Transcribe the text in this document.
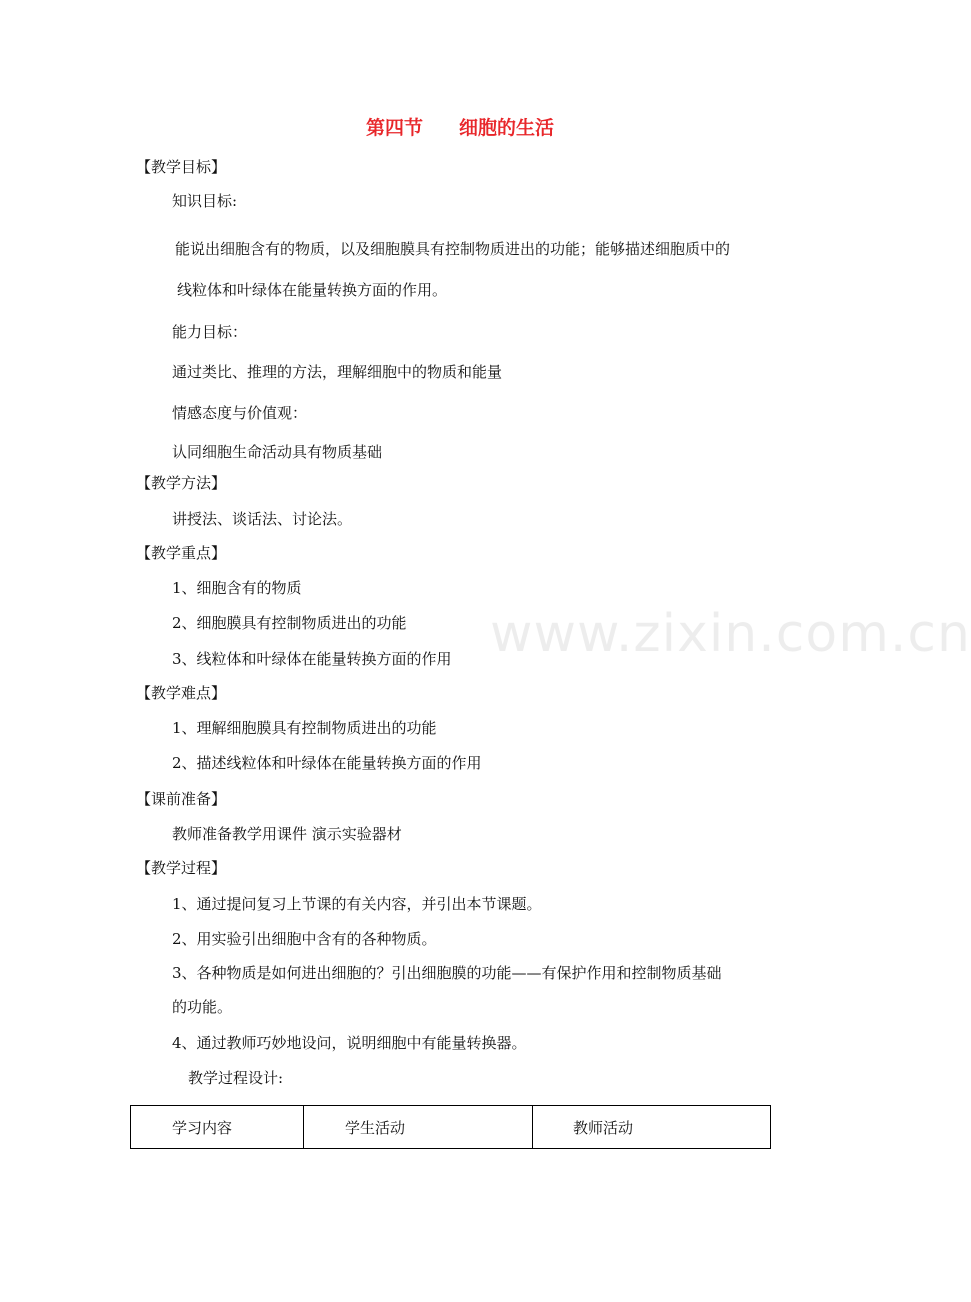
第四节 细胞的生活
www.zixin.com.cn
【教学目标】
知识目标:
能说出细胞含有的物质，以及细胞膜具有控制物质进出的功能；能够描述细胞质中的
线粒体和叶绿体在能量转换方面的作用。
能力目标：
通过类比、推理的方法，理解细胞中的物质和能量
情感态度与价值观：
认同细胞生命活动具有物质基础
【教学方法】
讲授法、谈话法、讨论法。
【教学重点】
1、细胞含有的物质
2、细胞膜具有控制物质进出的功能
3、线粒体和叶绿体在能量转换方面的作用
【教学难点】
1、理解细胞膜具有控制物质进出的功能
2、描述线粒体和叶绿体在能量转换方面的作用
【课前准备】
教师准备教学用课件 演示实验器材
【教学过程】
1、通过提问复习上节课的有关内容，并引出本节课题。
2、用实验引出细胞中含有的各种物质。
3、各种物质是如何进出细胞的？引出细胞膜的功能——有保护作用和控制物质基础
的功能。
4、通过教师巧妙地设问，说明细胞中有能量转换器。
教学过程设计:
学习内容	学生活动	教师活动
